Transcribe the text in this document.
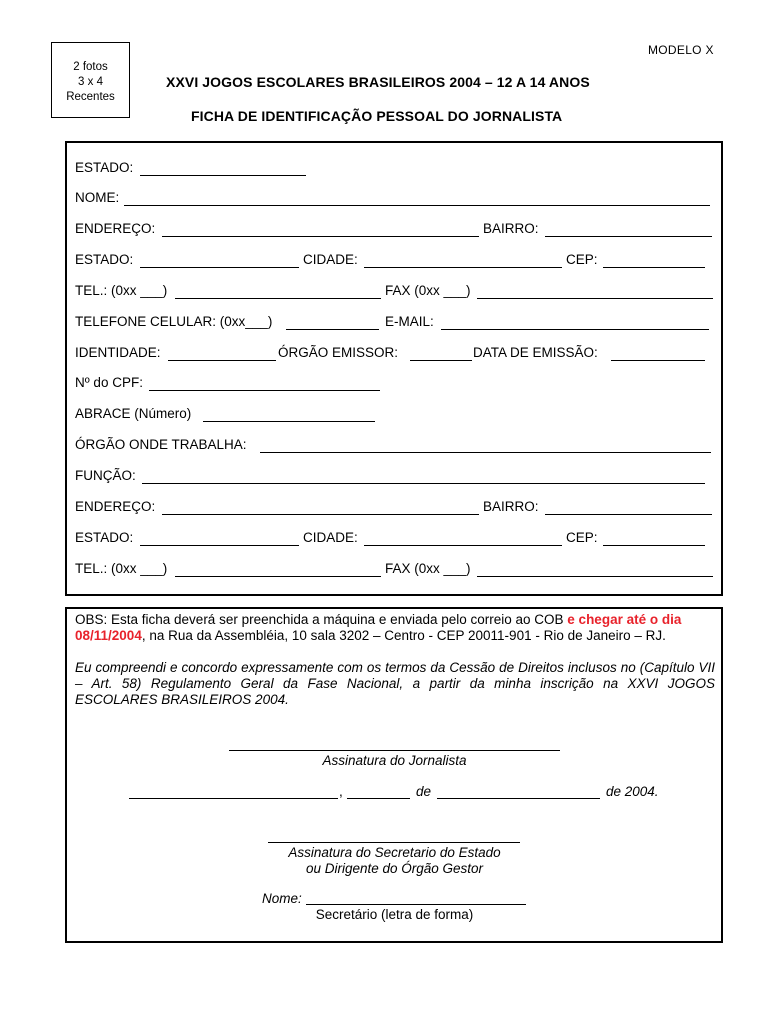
MODELO X
2 fotos
3 x 4
Recentes
XXVI JOGOS ESCOLARES BRASILEIROS 2004 – 12 A 14 ANOS
FICHA DE IDENTIFICAÇÃO PESSOAL DO JORNALISTA
ESTADO:
NOME:
ENDEREÇO:	BAIRRO:
ESTADO:	CIDADE:	CEP:
TEL.: (0xx ___)	FAX (0xx ___)
TELEFONE CELULAR: (0xx___)	E-MAIL:
IDENTIDADE:	ÓRGÃO EMISSOR:	DATA DE EMISSÃO:
Nº do CPF:
ABRACE (Número)
ÓRGÃO ONDE TRABALHA:
FUNÇÃO:
ENDEREÇO:	BAIRRO:
ESTADO:	CIDADE:	CEP:
TEL.: (0xx ___)	FAX (0xx ___)
OBS: Esta ficha deverá ser preenchida a máquina e enviada pelo correio ao COB e chegar até o dia 08/11/2004, na Rua da Assembléia, 10 sala 3202 – Centro - CEP 20011-901 - Rio de Janeiro – RJ.
Eu compreendi e concordo expressamente com os termos da Cessão de Direitos inclusos no (Capítulo VII – Art. 58) Regulamento Geral da Fase Nacional, a partir da minha inscrição na XXVI JOGOS ESCOLARES BRASILEIROS 2004.
Assinatura do Jornalista
,	de	de 2004.
Assinatura do Secretario do Estado
ou Dirigente do Órgão Gestor
Nome:
Secretário (letra de forma)
